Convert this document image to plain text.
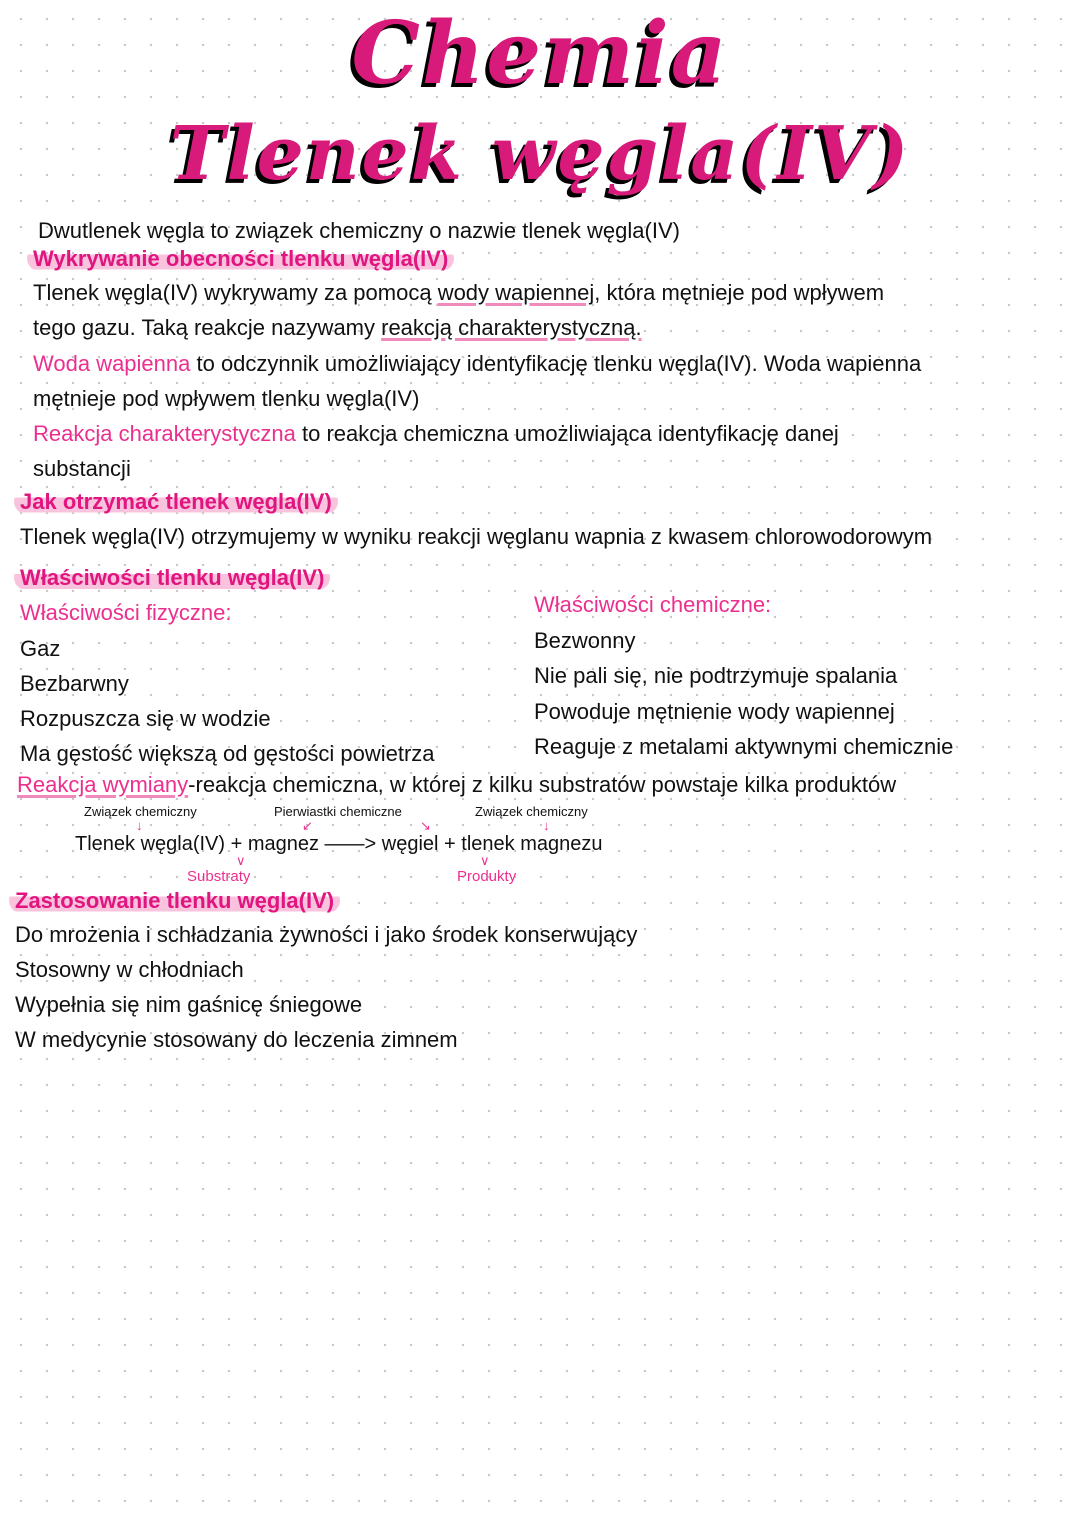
Chemia
Tlenek węgla(IV)
Dwutlenek węgla to związek chemiczny o nazwie tlenek węgla(IV)
Wykrywanie obecności tlenku węgla(IV)
Tlenek węgla(IV) wykrywamy za pomocą wody wapiennej, która mętnieje pod wpływem
tego gazu. Taką reakcje nazywamy reakcją charakterystyczną.
Woda wapienna to odczynnik umożliwiający identyfikację tlenku węgla(IV). Woda wapienna
mętnieje pod wpływem tlenku węgla(IV)
Reakcja charakterystyczna to reakcja chemiczna umożliwiająca identyfikację danej
substancji
Jak otrzymać tlenek węgla(IV)
Tlenek węgla(IV) otrzymujemy w wyniku reakcji węglanu wapnia z kwasem chlorowodorowym
Właściwości tlenku węgla(IV)
Właściwości fizyczne:
Gaz
Bezbarwny
Rozpuszcza się w wodzie
Ma gęstość większą od gęstości powietrza
Właściwości chemiczne:
Bezwonny
Nie pali się, nie podtrzymuje spalania
Powoduje mętnienie wody wapiennej
Reaguje z metalami aktywnymi chemicznie
Reakcja wymiany-reakcja chemiczna, w której z kilku substratów powstaje kilka produktów
Związek chemiczny	Pierwiastki chemiczne	Związek chemiczny
↓	↙	↘	↓
Tlenek węgla(IV) + magnez ——> węgiel + tlenek magnezu
∨	∨
Substraty	Produkty
Zastosowanie tlenku węgla(IV)
Do mrożenia i schładzania żywności i jako środek konserwujący
Stosowny w chłodniach
Wypełnia się nim gaśnicę śniegowe
W medycynie stosowany do leczenia zimnem
